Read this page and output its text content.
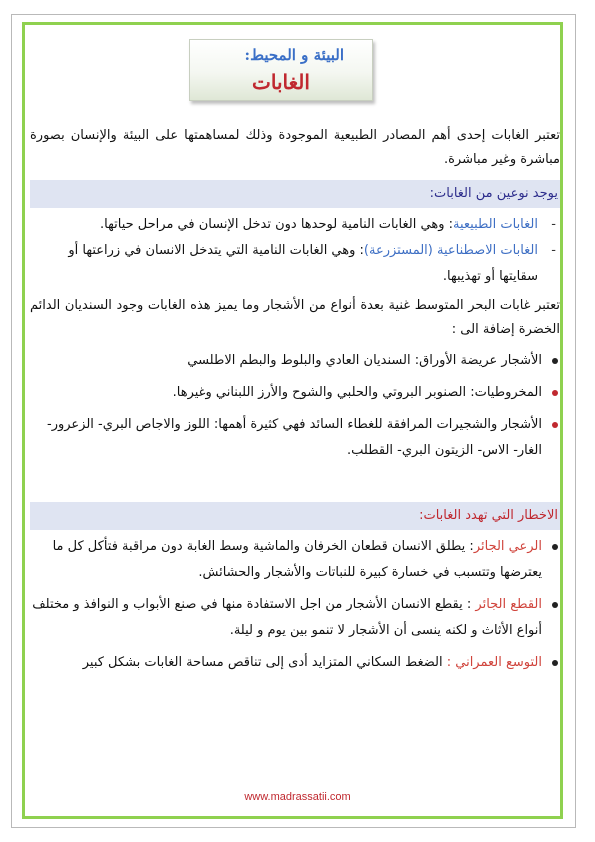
البيئة و المحيط:
الغابات

تعتبر الغابات إحدى أهم المصادر الطبيعية الموجودة وذلك لمساهمتها على البيئة والإنسان بصورة مباشرة وغير مباشرة.

يوجد نوعين من الغابات:
-
الغابات الطبيعية: وهي الغابات النامية لوحدها دون تدخل الإنسان في مراحل حياتها.
-
الغابات الاصطناعية (المستزرعة): وهي الغابات النامية التي يتدخل الانسان في زراعتها أو سقايتها أو تهذيبها.

تعتبر غابات البحر المتوسط غنية بعدة أنواع من الأشجار وما يميز هذه الغابات وجود السنديان الدائم الخضرة إضافة الى :

الأشجار عريضة الأوراق: السنديان العادي والبلوط والبطم الاطلسي
المخروطيات: الصنوبر البروتي والحلبي والشوح والأرز اللبناني وغيرها.
الأشجار والشجيرات المرافقة للغطاء السائد فهي كثيرة أهمها: اللوز والاجاص البري- الزعرور- الغار- الاس- الزيتون البري- القطلب.
الاخطار التي تهدد الغابات:
الرعي الجائر: يطلق الانسان قطعان الخرفان والماشية وسط الغابة دون مراقبة فتأكل كل ما يعترضها وتتسبب في خسارة كبيرة للنباتات والأشجار والحشائش.
القطع الجائر : يقطع الانسان الأشجار من اجل الاستفادة منها في صنع الأبواب و النوافذ و مختلف أنواع الأثاث و لكنه ينسى أن الأشجار لا تنمو بين يوم و ليلة.
التوسع العمراني : الضغط السكاني المتزايد أدى إلى تناقص مساحة الغابات بشكل كبير
www.madrassatii.com
